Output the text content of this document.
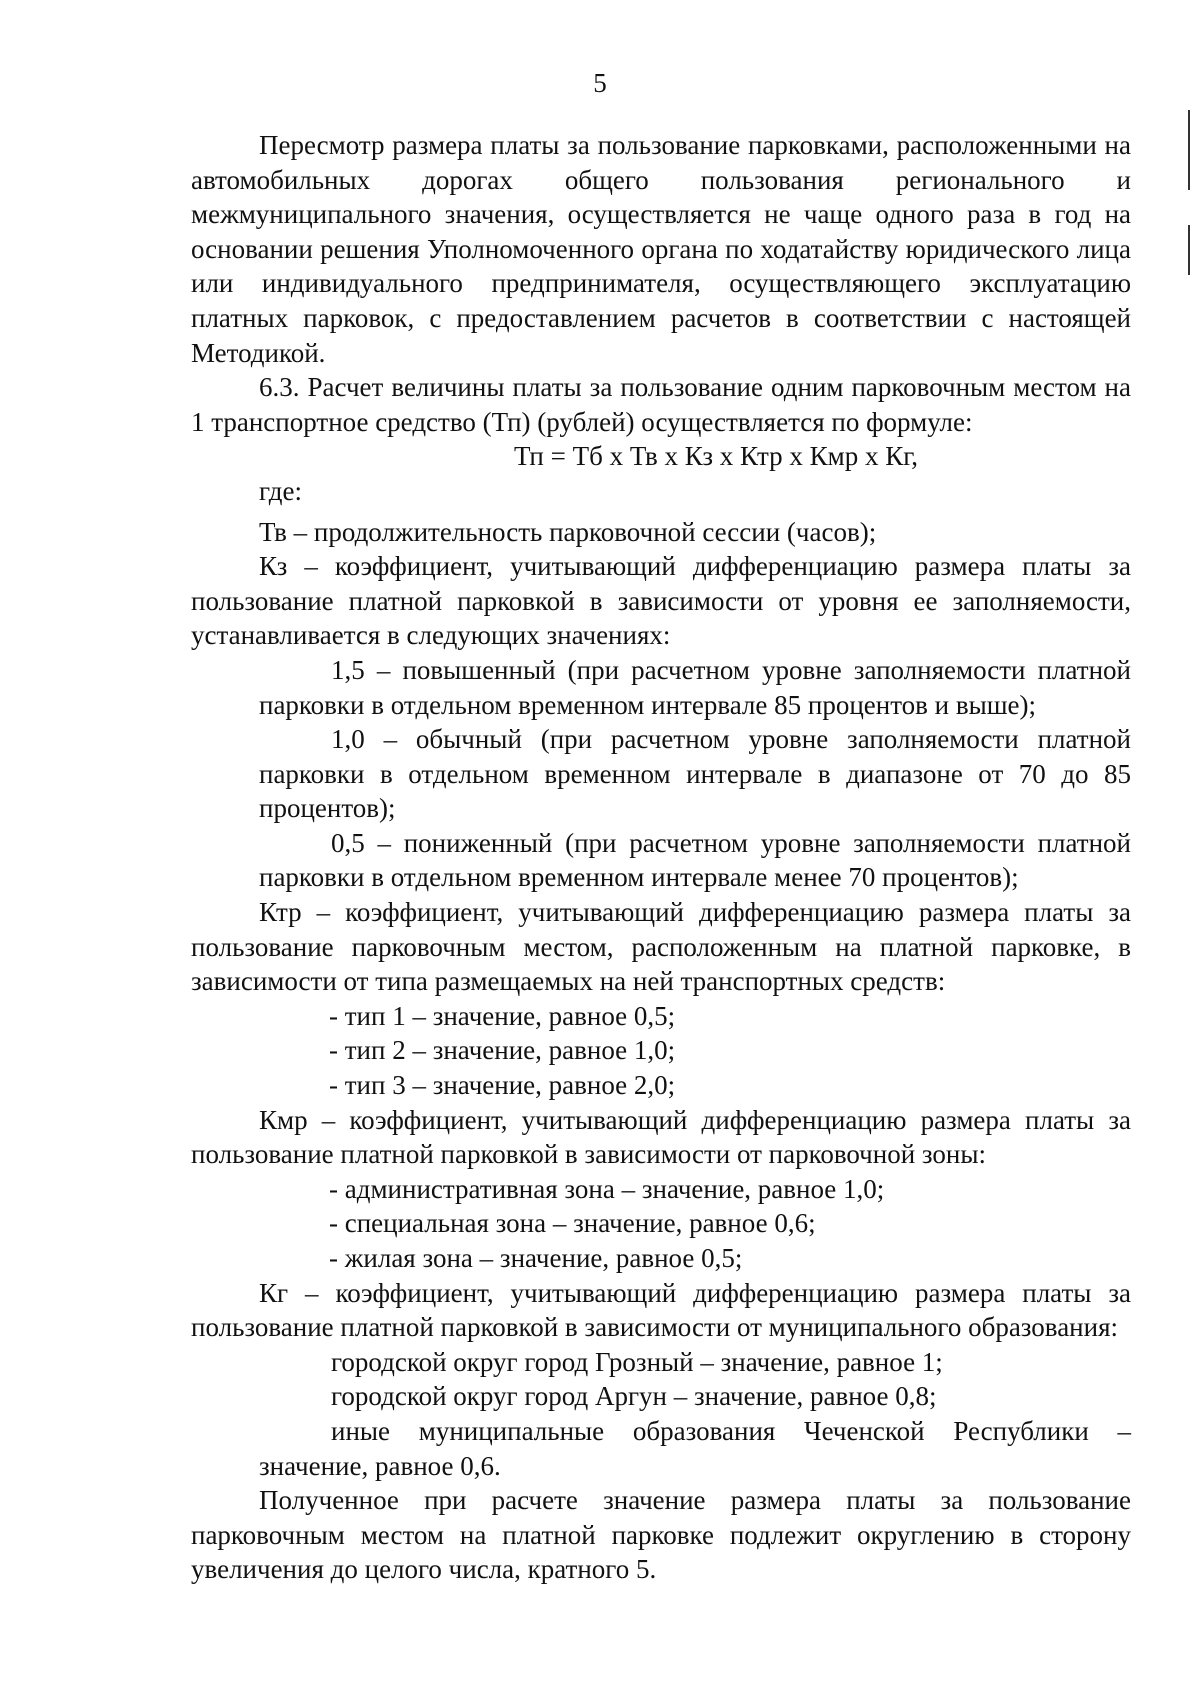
5

Пересмотр размера платы за пользование парковками, расположенными на автомобильных дорогах общего пользования регионального и межмуниципального значения, осуществляется не чаще одного раза в год на основании решения Уполномоченного органа по ходатайству юридического лица или индивидуального предпринимателя, осуществляющего эксплуатацию платных парковок, с предоставлением расчетов в соответствии с настоящей Методикой.

6.3. Расчет величины платы за пользование одним парковочным местом на 1 транспортное средство (Тп) (рублей) осуществляется по формуле:

Тп = Тб х Тв х Кз х Ктр х Кмр х Кг,

где:

Тв – продолжительность парковочной сессии (часов);

Кз – коэффициент, учитывающий дифференциацию размера платы за пользование платной парковкой в зависимости от уровня ее заполняемости, устанавливается в следующих значениях:

1,5 – повышенный (при расчетном уровне заполняемости платной парковки в отдельном временном интервале 85 процентов и выше);

1,0 – обычный (при расчетном уровне заполняемости платной парковки в отдельном временном интервале в диапазоне от 70 до 85 процентов);

0,5 – пониженный (при расчетном уровне заполняемости платной парковки в отдельном временном интервале менее 70 процентов);

Ктр – коэффициент, учитывающий дифференциацию размера платы за пользование парковочным местом, расположенным на платной парковке, в зависимости от типа размещаемых на ней транспортных средств:

- тип 1 – значение, равное 0,5;

- тип 2 – значение, равное 1,0;

- тип 3 – значение, равное 2,0;

Кмр – коэффициент, учитывающий дифференциацию размера платы за пользование платной парковкой в зависимости от парковочной зоны:

- административная зона – значение, равное 1,0;

- специальная зона – значение, равное 0,6;

- жилая зона – значение, равное 0,5;

Кг – коэффициент, учитывающий дифференциацию размера платы за пользование платной парковкой в зависимости от муниципального образования:

городской округ город Грозный – значение, равное 1;

городской округ город Аргун – значение, равное 0,8;

иные муниципальные образования Чеченской Республики – значение, равное 0,6.

Полученное при расчете значение размера платы за пользование парковочным местом на платной парковке подлежит округлению в сторону увеличения до целого числа, кратного 5.
